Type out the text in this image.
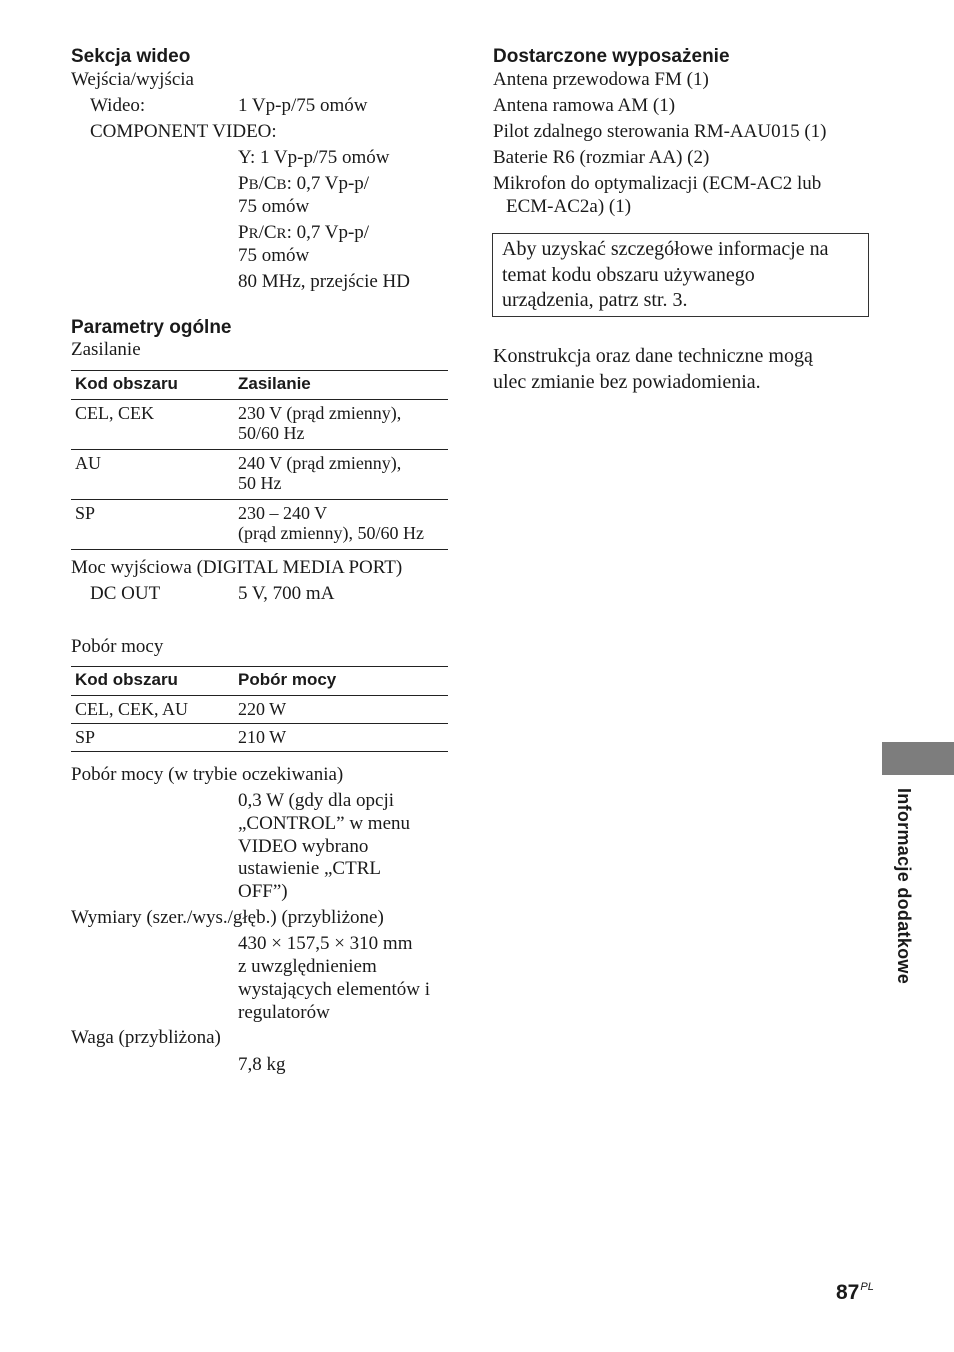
Sekcja wideo
Wejścia/wyjścia
Wideo:	1 Vp-p/75 omów
COMPONENT VIDEO:
Y: 1 Vp-p/75 omów
PB/CB: 0,7 Vp-p/
75 omów
PR/CR: 0,7 Vp-p/
75 omów
80 MHz, przejście HD
Parametry ogólne
Zasilanie
Kod obszaru	Zasilanie
CEL, CEK	230 V (prąd zmienny),
50/60 Hz
AU	240 V (prąd zmienny),
50 Hz
SP	230 – 240 V
(prąd zmienny), 50/60 Hz
Moc wyjściowa (DIGITAL MEDIA PORT)
DC OUT	5 V, 700 mA
Pobór mocy
Kod obszaru	Pobór mocy
CEL, CEK, AU	220 W
SP	210 W
Pobór mocy (w trybie oczekiwania)
0,3 W (gdy dla opcji
„CONTROL” w menu
VIDEO wybrano
ustawienie „CTRL
OFF”)
Wymiary (szer./wys./głęb.) (przybliżone)
430 × 157,5 × 310 mm
z uwzględnieniem
wystających elementów i
regulatorów
Waga (przybliżona)
7,8 kg
Dostarczone wyposażenie
Antena przewodowa FM (1)
Antena ramowa AM (1)
Pilot zdalnego sterowania RM-AAU015 (1)
Baterie R6 (rozmiar AA) (2)
Mikrofon do optymalizacji (ECM-AC2 lub
ECM-AC2a) (1)
Aby uzyskać szczegółowe informacje na
temat kodu obszaru używanego
urządzenia, patrz str. 3.
Konstrukcja oraz dane techniczne mogą
ulec zmianie bez powiadomienia.
Informacje dodatkowe
$87^{PL}$
